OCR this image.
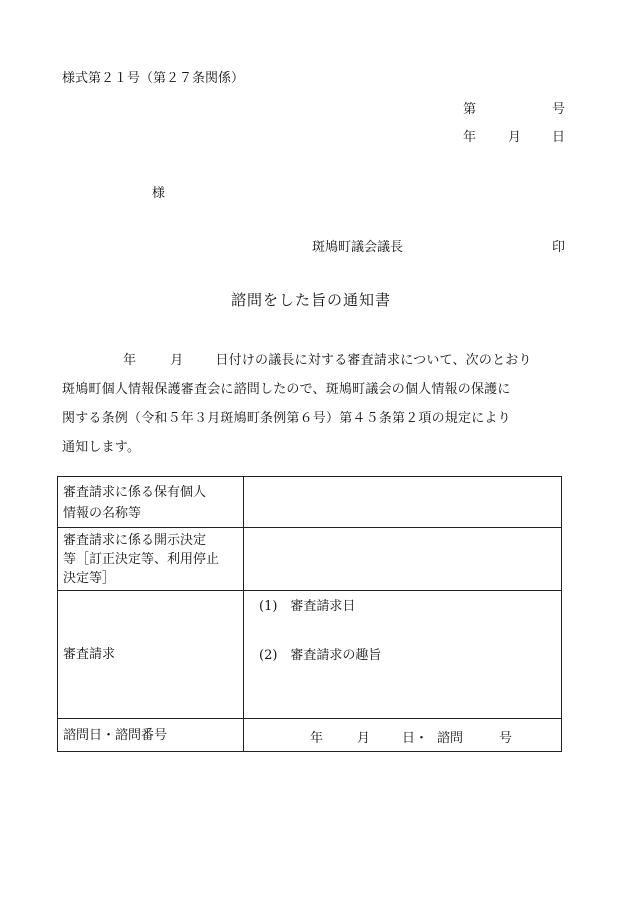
様式第２１号（第２７条関係）
第	号
年 月 日
様
斑鳩町議会議長	印
諮問をした旨の通知書
年	月 日付けの議長に対する審査請求について、次のとおり
斑鳩町個人情報保護審査会に諮問したので、斑鳩町議会の個人情報の保護に
関する条例（令和５年３月斑鳩町条例第６号）第４５条第２項の規定により
通知します。
審査請求に係る保有個人
情報の名称等	

審査請求に係る開示決定
等［訂正決定等、利用停止
決定等］	

審査請求	(1)　審査請求日
(2)　審査請求の趣旨

諮問日・諮問番号	年 月 日・ 諮問 号
